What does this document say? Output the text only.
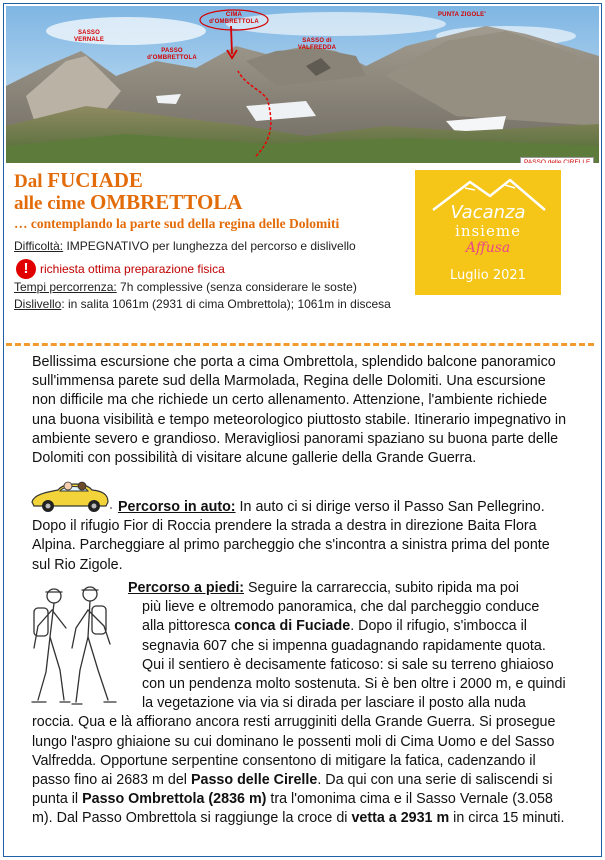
SASSO VERNALE
PASSO d'OMBRETTOLA
CIMA d'OMBRETTOLA
SASSO di VALFREDDA
PUNTA ZIGOLE'
PASSO delle CIRELLE
Dal FUCIADE
alle cime OMBRETTOLA
… contemplando la parte sud della regina delle Dolomiti
Difficoltà: IMPEGNATIVO per lunghezza del percorso e dislivello
! richiesta ottima preparazione fisica
Tempi percorrenza: 7h complessive (senza considerare le soste)
Dislivello: in salita 1061m (2931 di cima Ombrettola); 1061m in discesa
Vacanza
insieme
Affusa
Luglio 2021
Bellissima escursione che porta a cima Ombrettola, splendido balcone panoramico
sull'immensa parete sud della Marmolada, Regina delle Dolomiti. Una escursione
non difficile ma che richiede un certo allenamento. Attenzione, l'ambiente richiede
una buona visibilità e tempo meteorologico piuttosto stabile. Itinerario impegnativo in
ambiente severo e grandioso. Meravigliosi panorami spaziano su buona parte delle
Dolomiti con possibilità di visitare alcune gallerie della Grande Guerra.
Percorso in auto: In auto ci si dirige verso il Passo San Pellegrino.
Dopo il rifugio Fior di Roccia prendere la strada a destra in direzione Baita Flora
Alpina. Parcheggiare al primo parcheggio che s'incontra a sinistra prima del ponte
sul Rio Zigole.
Percorso a piedi: Seguire la carrareccia, subito ripida ma poi
più lieve e oltremodo panoramica, che dal parcheggio conduce
alla pittoresca conca di Fuciade. Dopo il rifugio, s'imbocca il
segnavia 607 che si impenna guadagnando rapidamente quota.
Qui il sentiero è decisamente faticoso: si sale su terreno ghiaioso
con un pendenza molto sostenuta. Si è ben oltre i 2000 m, e quindi
la vegetazione via via si dirada per lasciare il posto alla nuda
roccia. Qua e là affiorano ancora resti arrugginiti della Grande Guerra. Si prosegue
lungo l'aspro ghiaione su cui dominano le possenti moli di Cima Uomo e del Sasso
Valfredda. Opportune serpentine consentono di mitigare la fatica, cadenzando il
passo fino ai 2683 m del Passo delle Cirelle. Da qui con una serie di saliscendi si
punta il Passo Ombrettola (2836 m) tra l'omonima cima e il Sasso Vernale (3.058
m). Dal Passo Ombrettola si raggiunge la croce di vetta a 2931 m in circa 15 minuti.
